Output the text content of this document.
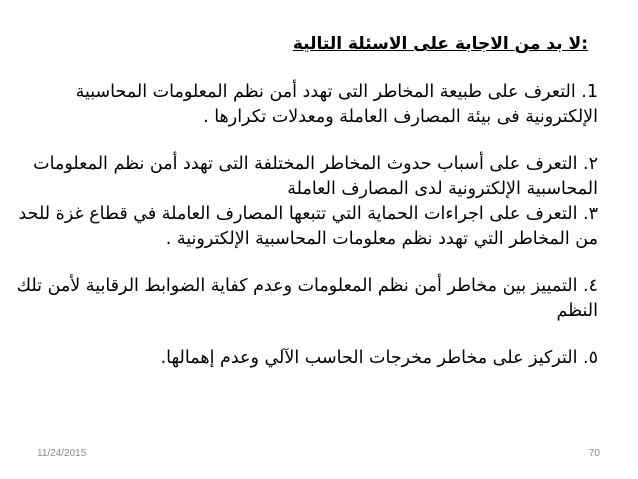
:لا بد من الاجابة على الاسئلة التالية

1. التعرف على طبيعة المخاطر التى تهدد أمن نظم المعلومات المحاسبية

الإلكترونية فى بيئة المصارف العاملة ومعدلات تكرارها .

٢. التعرف على أسباب حدوث المخاطر المختلفة التى تهدد أمن نظم المعلومات

المحاسبية الإلكترونية لدى المصارف العاملة

٣. التعرف على اجراءات الحماية التي تتبعها المصارف العاملة في قطاع غزة للحد

من المخاطر التي تهدد نظم معلومات المحاسبية الإلكترونية .

٤. التمييز بين مخاطر أمن نظم المعلومات وعدم كفاية الضوابط الرقابية لأمن تلك

النظم

٥. التركيز على مخاطر مخرجات الحاسب الآلي وعدم إهمالها.

11/24/2015	70
